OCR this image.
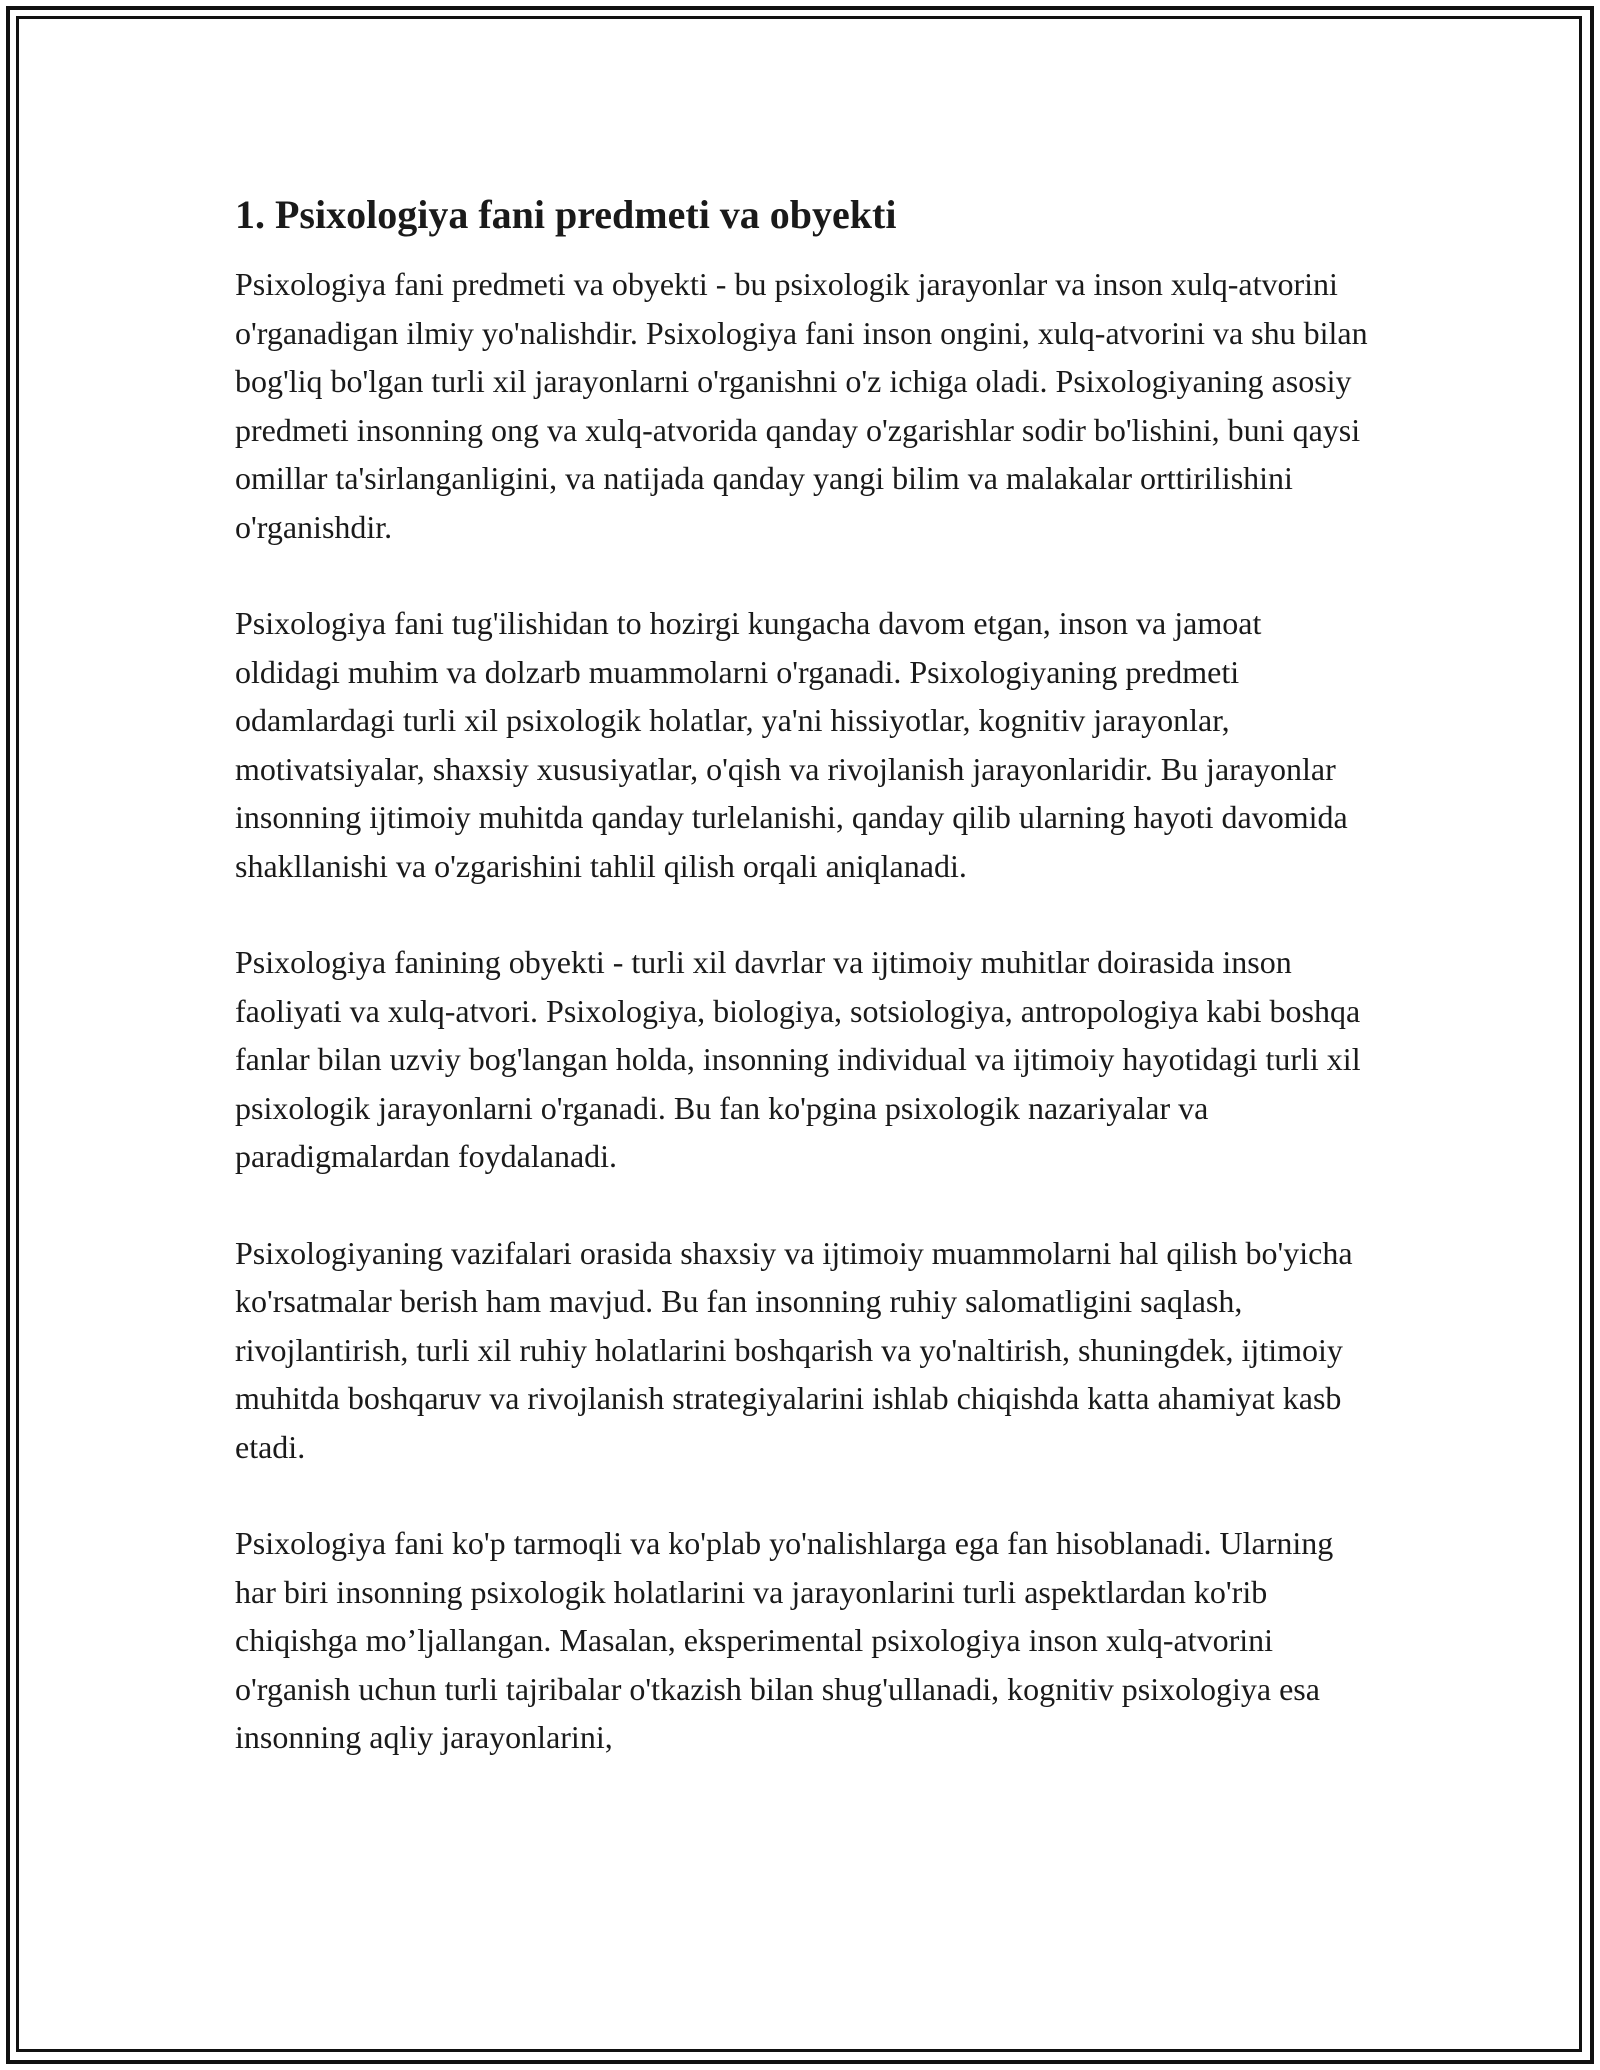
1. Psixologiya fani predmeti va obyekti

Psixologiya fani predmeti va obyekti - bu psixologik jarayonlar va inson xulq-atvorini o'rganadigan ilmiy yo'nalishdir. Psixologiya fani inson ongini, xulq-atvorini va shu bilan bog'liq bo'lgan turli xil jarayonlarni o'rganishni o'z ichiga oladi. Psixologiyaning asosiy predmeti insonning ong va xulq-atvorida qanday o'zgarishlar sodir bo'lishini, buni qaysi omillar ta'sirlanganligini, va natijada qanday yangi bilim va malakalar orttirilishini o'rganishdir.

Psixologiya fani tug'ilishidan to hozirgi kungacha davom etgan, inson va jamoat oldidagi muhim va dolzarb muammolarni o'rganadi. Psixologiyaning predmeti odamlardagi turli xil psixologik holatlar, ya'ni hissiyotlar, kognitiv jarayonlar, motivatsiyalar, shaxsiy xususiyatlar, o'qish va rivojlanish jarayonlaridir. Bu jarayonlar insonning ijtimoiy muhitda qanday turlelanishi, qanday qilib ularning hayoti davomida shakllanishi va o'zgarishini tahlil qilish orqali aniqlanadi.

Psixologiya fanining obyekti - turli xil davrlar va ijtimoiy muhitlar doirasida inson faoliyati va xulq-atvori. Psixologiya, biologiya, sotsiologiya, antropologiya kabi boshqa fanlar bilan uzviy bog'langan holda, insonning individual va ijtimoiy hayotidagi turli xil psixologik jarayonlarni o'rganadi. Bu fan ko'pgina psixologik nazariyalar va paradigmalardan foydalanadi.

Psixologiyaning vazifalari orasida shaxsiy va ijtimoiy muammolarni hal qilish bo'yicha ko'rsatmalar berish ham mavjud. Bu fan insonning ruhiy salomatligini saqlash, rivojlantirish, turli xil ruhiy holatlarini boshqarish va yo'naltirish, shuningdek, ijtimoiy muhitda boshqaruv va rivojlanish strategiyalarini ishlab chiqishda katta ahamiyat kasb etadi.

Psixologiya fani ko'p tarmoqli va ko'plab yo'nalishlarga ega fan hisoblanadi. Ularning har biri insonning psixologik holatlarini va jarayonlarini turli aspektlardan ko'rib chiqishga mo’ljallangan. Masalan, eksperimental psixologiya inson xulq-atvorini o'rganish uchun turli tajribalar o'tkazish bilan shug'ullanadi, kognitiv psixologiya esa insonning aqliy jarayonlarini,
